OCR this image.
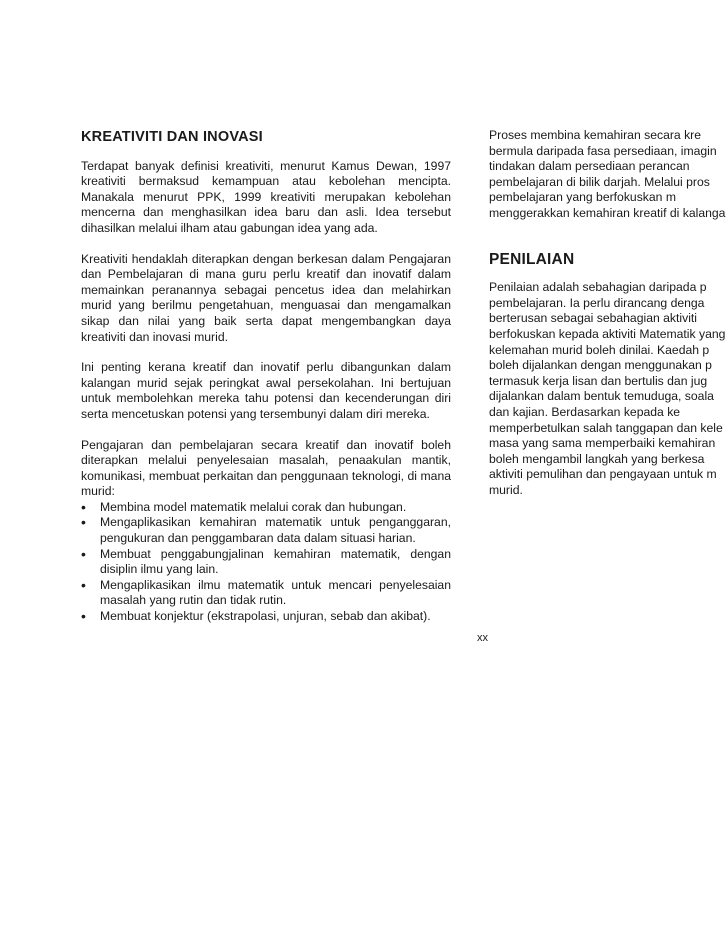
KREATIVITI DAN INOVASI

Terdapat banyak definisi kreativiti, menurut Kamus Dewan, 1997 kreativiti bermaksud kemampuan atau kebolehan mencipta. Manakala menurut PPK, 1999 kreativiti merupakan kebolehan mencerna dan menghasilkan idea baru dan asli. Idea tersebut dihasilkan melalui ilham atau gabungan idea yang ada.

Kreativiti hendaklah diterapkan dengan berkesan dalam Pengajaran dan Pembelajaran di mana guru perlu kreatif dan inovatif dalam memainkan peranannya sebagai pencetus idea dan melahirkan murid yang berilmu pengetahuan, menguasai dan mengamalkan sikap dan nilai yang baik serta dapat mengembangkan daya kreativiti dan inovasi murid.

Ini penting kerana kreatif dan inovatif perlu dibangunkan dalam kalangan murid sejak peringkat awal persekolahan. Ini bertujuan untuk membolehkan mereka tahu potensi dan kecenderungan diri serta mencetuskan potensi yang tersembunyi dalam diri mereka.

Pengajaran dan pembelajaran secara kreatif dan inovatif boleh diterapkan melalui penyelesaian masalah, penaakulan mantik, komunikasi, membuat perkaitan dan penggunaan teknologi, di mana murid:

• Membina model matematik melalui corak dan hubungan.
• Mengaplikasikan kemahiran matematik untuk penganggaran, pengukuran dan penggambaran data dalam situasi harian.
• Membuat penggabungjalinan kemahiran matematik, dengan disiplin ilmu yang lain.
• Mengaplikasikan ilmu matematik untuk mencari penyelesaian masalah yang rutin dan tidak rutin.
• Membuat konjektur (ekstrapolasi, unjuran, sebab dan akibat).
Proses membina kemahiran secara kre
bermula daripada fasa persediaan, imagin
tindakan dalam persediaan perancan
pembelajaran di bilik darjah. Melalui pros
pembelajaran yang berfokuskan m
menggerakkan kemahiran kreatif di kalanga
PENILAIAN
Penilaian adalah sebahagian daripada p
pembelajaran. Ia perlu dirancang denga
berterusan sebagai sebahagian aktiviti
berfokuskan kepada aktiviti Matematik yang
kelemahan murid boleh dinilai. Kaedah p
boleh dijalankan dengan menggunakan p
termasuk kerja lisan dan bertulis dan jug
dijalankan dalam bentuk temuduga, soala
dan kajian. Berdasarkan kepada ke
memperbetulkan salah tanggapan dan kele
masa yang sama memperbaiki kemahiran
boleh mengambil langkah yang berkesa
aktiviti pemulihan dan pengayaan untuk m
murid.
xx
